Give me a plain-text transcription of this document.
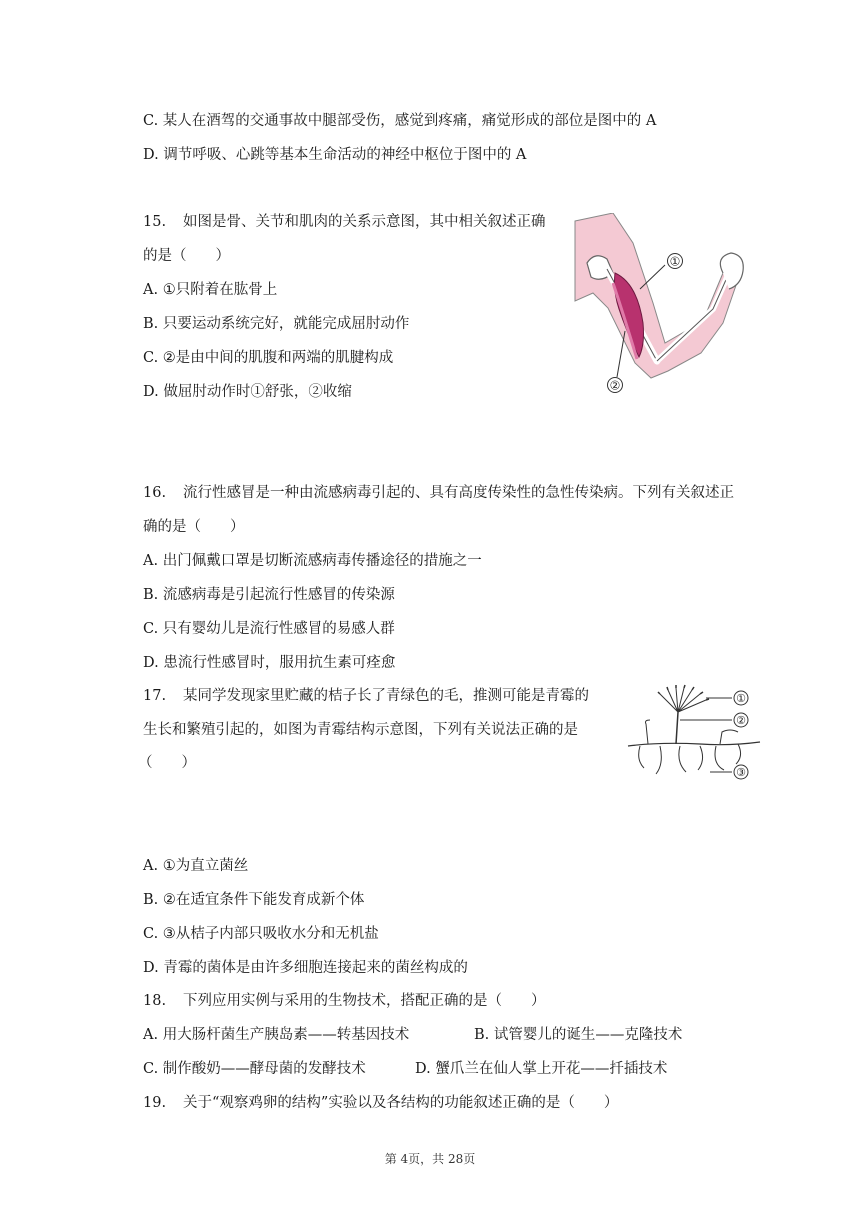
C. 某人在酒驾的交通事故中腿部受伤，感觉到疼痛，痛觉形成的部位是图中的 A
D. 调节呼吸、心跳等基本生命活动的神经中枢位于图中的 A
15. 如图是骨、关节和肌肉的关系示意图，其中相关叙述正确
的是（　　）
A. ①只附着在肱骨上
B. 只要运动系统完好，就能完成屈肘动作
C. ②是由中间的肌腹和两端的肌腱构成
D. 做屈肘动作时①舒张，②收缩
①
②
16. 流行性感冒是一种由流感病毒引起的、具有高度传染性的急性传染病。下列有关叙述正
确的是（　　）
A. 出门佩戴口罩是切断流感病毒传播途径的措施之一
B. 流感病毒是引起流行性感冒的传染源
C. 只有婴幼儿是流行性感冒的易感人群
D. 患流行性感冒时，服用抗生素可痊愈
17. 某同学发现家里贮藏的桔子长了青绿色的毛，推测可能是青霉的
生长和繁殖引起的，如图为青霉结构示意图，下列有关说法正确的是
（　　）
①
②
③
A. ①为直立菌丝
B. ②在适宜条件下能发育成新个体
C. ③从桔子内部只吸收水分和无机盐
D. 青霉的菌体是由许多细胞连接起来的菌丝构成的
18. 下列应用实例与采用的生物技术，搭配正确的是（　　）
A. 用大肠杆菌生产胰岛素——转基因技术	B. 试管婴儿的诞生——克隆技术
C. 制作酸奶——酵母菌的发酵技术	D. 蟹爪兰在仙人掌上开花——扦插技术
19. 关于“观察鸡卵的结构”实验以及各结构的功能叙述正确的是（　　）
第 4页，共 28页
